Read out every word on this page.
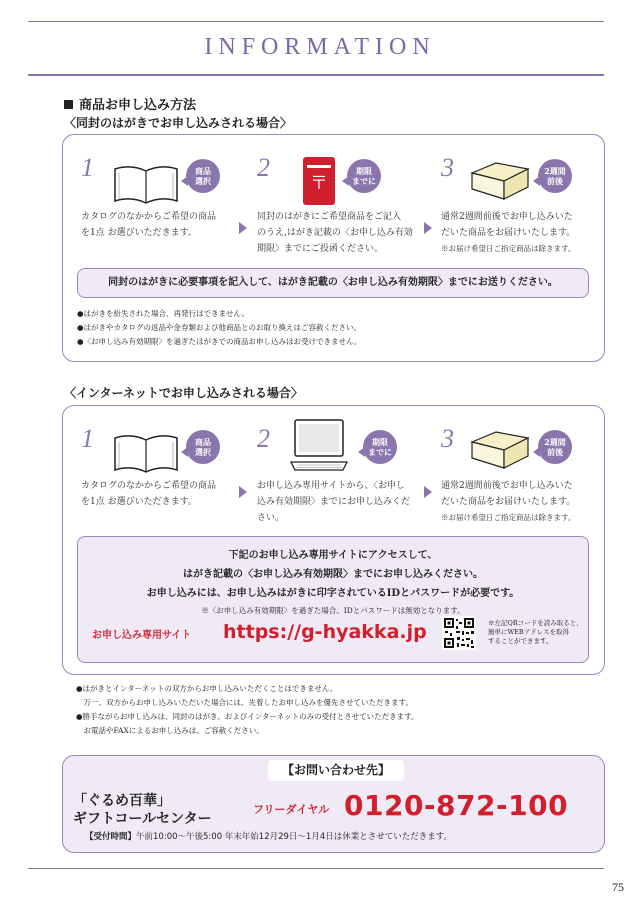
INFORMATION
商品お申し込み方法
〈同封のはがきでお申し込みされる場合〉
1	商品
選択
カタログのなかからご希望の商品
を1点 お選びいただきます。
2
〒
期限
までに
同封のはがきにご希望商品をご記入
のうえ,はがき記載の〈お申し込み有効
期限〉までにご投函ください。
3	2週間
前後
通常2週間前後でお申し込みいた
だいた商品をお届けいたします。
※お届け希望日ご指定商品は除きます。
同封のはがきに必要事項を記入して、はがき記載の〈お申し込み有効期限〉までにお送りください。
●はがきを紛失された場合、再発行はできません。
●はがきやカタログの返品や金券類および他商品とのお取り換えはご容赦ください。
●〈お申し込み有効期限〉を過ぎたはがきでの商品お申し込みはお受けできません。
〈インターネットでお申し込みされる場合〉
1	商品
選択
カタログのなかからご希望の商品
を1点 お選びいただきます。
2	期限
までに
お申し込み専用サイトから、〈お申し
込み有効期限〉までにお申し込みくだ
さい。
3	2週間
前後
通常2週間前後でお申し込みいた
だいた商品をお届けいたします。
※お届け希望日ご指定商品は除きます。
下記のお申し込み専用サイトにアクセスして、
はがき記載の〈お申し込み有効期限〉までにお申し込みください。
お申し込みには、お申し込みはがきに印字されているIDとパスワードが必要です。
※〈お申し込み有効期限〉を過ぎた場合、IDとパスワードは無効となります。
お申し込み専用サイト https://g-hyakka.jp	※左記QRコードを読み取ると、
簡単にWEBアドレスを取得
することができます。
●はがきとインターネットの双方からお申し込みいただくことはできません。
　万一、双方からお申し込みいただいた場合には、先着したお申し込みを優先させていただきます。
●勝手ながらお申し込みは、同封のはがき、およびインターネットのみの受付とさせていただきます。
　お電話やFAXによるお申し込みは、ご容赦ください。
【お問い合わせ先】
「ぐるめ百華」
ギフトコールセンター
フリーダイヤル 0120-872-100
【受付時間】午前10:00～午後5:00 年末年始12月29日～1月4日は休業とさせていただきます。
75
